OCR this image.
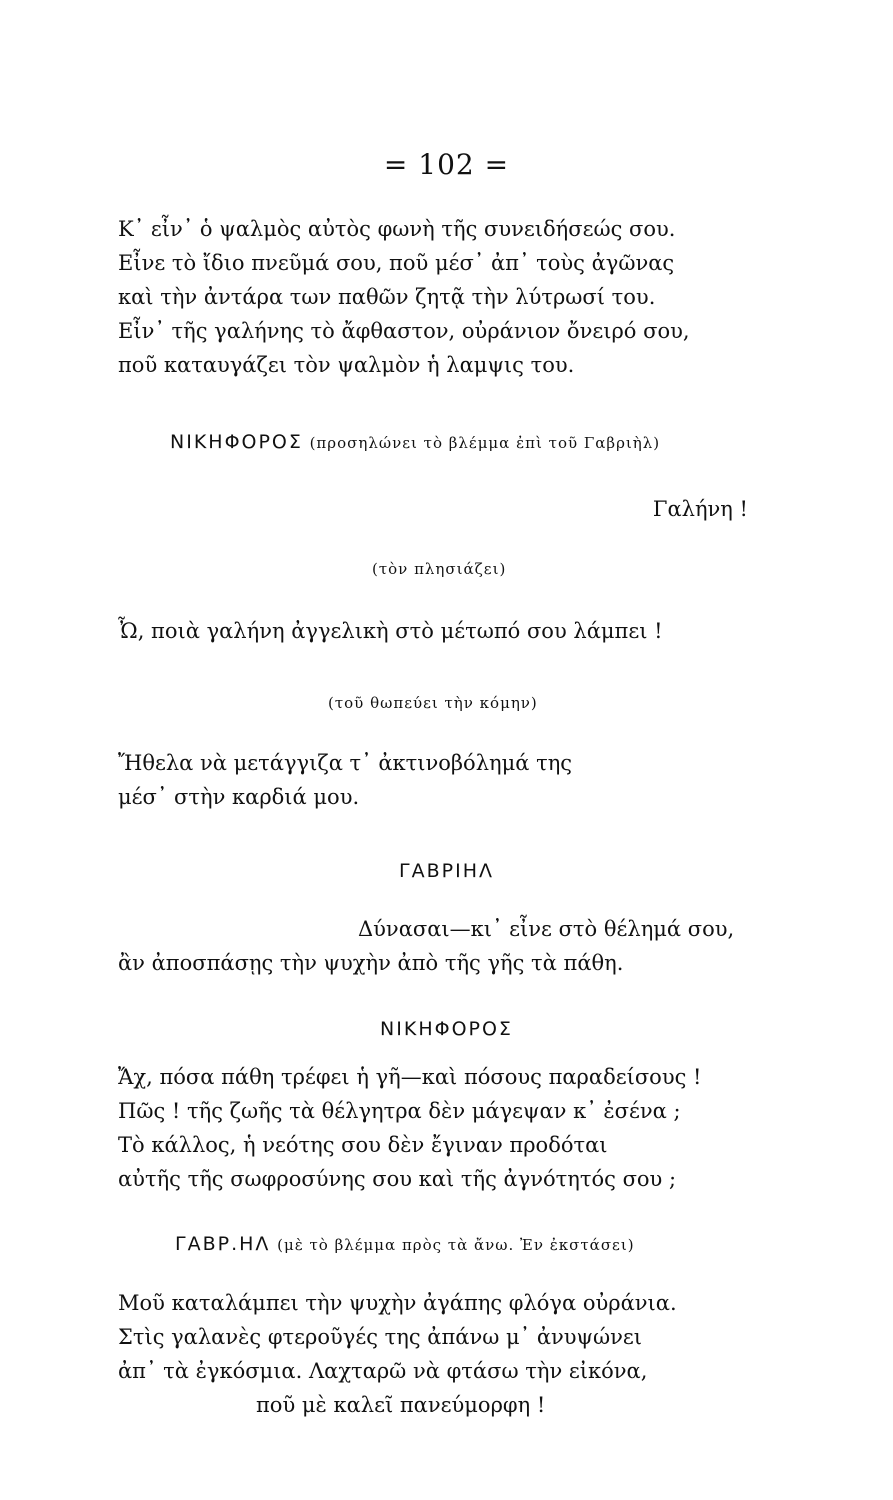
= 102 =
Κ᾽ εἶν᾽ ὁ ψαλμὸς αὐτὸς φωνὴ τῆς συνειδήσεώς σου.
Εἶνε τὸ ἴδιο πνεῦμά σου, ποῦ μέσ᾽ ἀπ᾽ τοὺς ἀγῶνας
καὶ τὴν ἀντάρα των παθῶν ζητᾷ τὴν λύτρωσί του.
Εἶν᾽ τῆς γαλήνης τὸ ἄφθαστον, οὐράνιον ὄνειρό σου,
ποῦ καταυγάζει τὸν ψαλμὸν ἡ λαμψις του.
ΝΙΚΗΦΟΡΟΣ (προσηλώνει τὸ βλέμμα ἐπὶ τοῦ Γαβριὴλ)
Γαλήνη !
(τὸν πλησιάζει)
Ὦ, ποιὰ γαλήνη ἀγγελικὴ στὸ μέτωπό σου λάμπει !
(τοῦ θωπεύει τὴν κόμην)
Ἤθελα νὰ μετάγγιζα τ᾽ ἀκτινοβόλημά της
μέσ᾽ στὴν καρδιά μου.
ΓΑΒΡΙΗΛ
Δύνασαι—κι᾽ εἶνε στὸ θέλημά σου,
ἂν ἀποσπάσῃς τὴν ψυχὴν ἀπὸ τῆς γῆς τὰ πάθη.
ΝΙΚΗΦΟΡΟΣ
Ἄχ, πόσα πάθη τρέφει ἡ γῆ—καὶ πόσους παραδείσους !
Πῶς ! τῆς ζωῆς τὰ θέλγητρα δὲν μάγεψαν κ᾽ ἐσένα ;
Τὸ κάλλος, ἡ νεότης σου δὲν ἔγιναν προδόται
αὐτῆς τῆς σωφροσύνης σου καὶ τῆς ἀγνότητός σου ;
ΓΑΒΡ.ΗΛ (μὲ τὸ βλέμμα πρὸς τὰ ἄνω. Ἐν ἐκστάσει)
Μοῦ καταλάμπει τὴν ψυχὴν ἀγάπης φλόγα οὐράνια.
Στὶς γαλανὲς φτεροῦγές της ἀπάνω μ᾽ ἀνυψώνει
ἀπ᾽ τὰ ἐγκόσμια. Λαχταρῶ νὰ φτάσω τὴν εἰκόνα,
ποῦ μὲ καλεῖ πανεύμορφη !
